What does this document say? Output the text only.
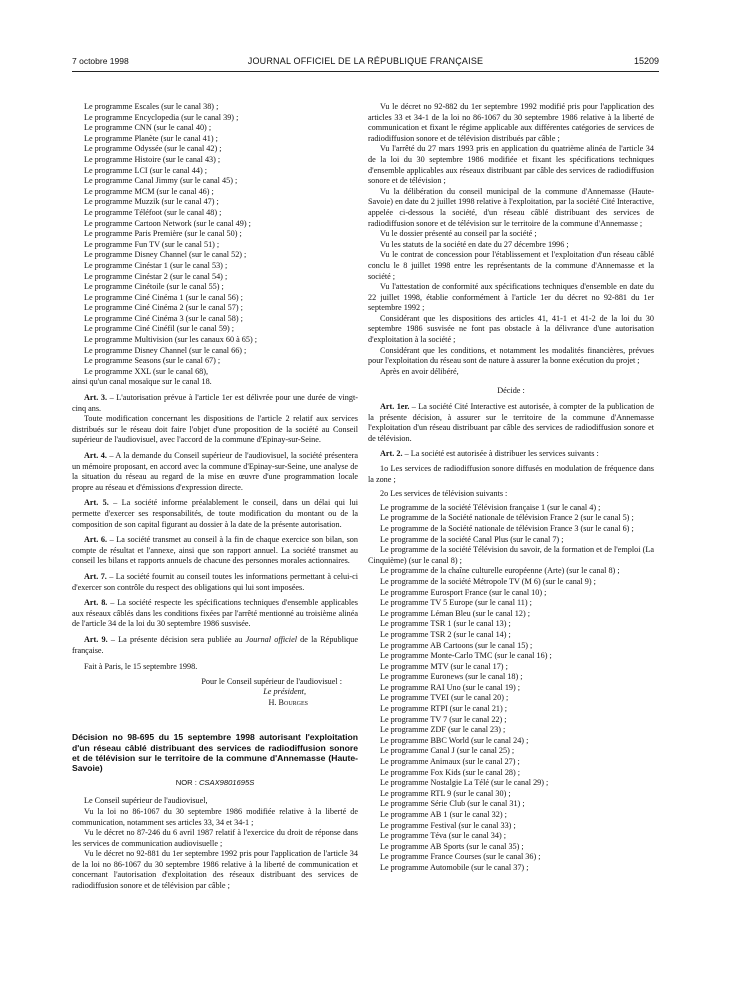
7 octobre 1998	JOURNAL OFFICIEL DE LA RÉPUBLIQUE FRANÇAISE	15209

Le programme Escales (sur le canal 38) ;

Le programme Encyclopedia (sur le canal 39) ;

Le programme CNN (sur le canal 40) ;

Le programme Planète (sur le canal 41) ;

Le programme Odyssée (sur le canal 42) ;

Le programme Histoire (sur le canal 43) ;

Le programme LCI (sur le canal 44) ;

Le programme Canal Jimmy (sur le canal 45) ;

Le programme MCM (sur le canal 46) ;

Le programme Muzzik (sur le canal 47) ;

Le programme Téléfoot (sur le canal 48) ;

Le programme Cartoon Network (sur le canal 49) ;

Le programme Paris Première (sur le canal 50) ;

Le programme Fun TV (sur le canal 51) ;

Le programme Disney Channel (sur le canal 52) ;

Le programme Cinéstar 1 (sur le canal 53) ;

Le programme Cinéstar 2 (sur le canal 54) ;

Le programme Cinétoile (sur le canal 55) ;

Le programme Ciné Cinéma 1 (sur le canal 56) ;

Le programme Ciné Cinéma 2 (sur le canal 57) ;

Le programme Ciné Cinéma 3 (sur le canal 58) ;

Le programme Ciné Cinéfil (sur le canal 59) ;

Le programme Multivision (sur les canaux 60 à 65) ;

Le programme Disney Channel (sur le canal 66) ;

Le programme Seasons (sur le canal 67) ;

Le programme XXL (sur le canal 68),

ainsi qu'un canal mosaïque sur le canal 18.

Art. 3. – L'autorisation prévue à l'article 1er est délivrée pour une durée de vingt-cinq ans.

Toute modification concernant les dispositions de l'article 2 relatif aux services distribués sur le réseau doit faire l'objet d'une proposition de la société au Conseil supérieur de l'audiovisuel, avec l'accord de la commune d'Epinay-sur-Seine.

Art. 4. – A la demande du Conseil supérieur de l'audiovisuel, la société présentera un mémoire proposant, en accord avec la commune d'Epinay-sur-Seine, une analyse de la situation du réseau au regard de la mise en œuvre d'une programmation locale propre au réseau et d'émissions d'expression directe.

Art. 5. – La société informe préalablement le conseil, dans un délai qui lui permette d'exercer ses responsabilités, de toute modification du montant ou de la composition de son capital figurant au dossier à la date de la présente autorisation.

Art. 6. – La société transmet au conseil à la fin de chaque exercice son bilan, son compte de résultat et l'annexe, ainsi que son rapport annuel. La société transmet au conseil les bilans et rapports annuels de chacune des personnes morales actionnaires.

Art. 7. – La société fournit au conseil toutes les informations permettant à celui-ci d'exercer son contrôle du respect des obligations qui lui sont imposées.

Art. 8. – La société respecte les spécifications techniques d'ensemble applicables aux réseaux câblés dans les conditions fixées par l'arrêté mentionné au troisième alinéa de l'article 34 de la loi du 30 septembre 1986 susvisée.

Art. 9. – La présente décision sera publiée au Journal officiel de la République française.

Fait à Paris, le 15 septembre 1998.

Pour le Conseil supérieur de l'audiovisuel :

Le président,

H. Bourges

Décision no 98-695 du 15 septembre 1998 autorisant l'exploitation d'un réseau câblé distribuant des services de radiodiffusion sonore et de télévision sur le territoire de la commune d'Annemasse (Haute-Savoie)

NOR : CSAX9801695S

Le Conseil supérieur de l'audiovisuel,

Vu la loi no 86-1067 du 30 septembre 1986 modifiée relative à la liberté de communication, notamment ses articles 33, 34 et 34-1 ;

Vu le décret no 87-246 du 6 avril 1987 relatif à l'exercice du droit de réponse dans les services de communication audiovisuelle ;

Vu le décret no 92-881 du 1er septembre 1992 pris pour l'application de l'article 34 de la loi no 86-1067 du 30 septembre 1986 relative à la liberté de communication et concernant l'autorisation d'exploitation des réseaux distribuant des services de radiodiffusion sonore et de télévision par câble ;

Vu le décret no 92-882 du 1er septembre 1992 modifié pris pour l'application des articles 33 et 34-1 de la loi no 86-1067 du 30 septembre 1986 relative à la liberté de communication et fixant le régime applicable aux différentes catégories de services de radiodiffusion sonore et de télévision distribués par câble ;

Vu l'arrêté du 27 mars 1993 pris en application du quatrième alinéa de l'article 34 de la loi du 30 septembre 1986 modifiée et fixant les spécifications techniques d'ensemble applicables aux réseaux distribuant par câble des services de radiodiffusion sonore et de télévision ;

Vu la délibération du conseil municipal de la commune d'Annemasse (Haute-Savoie) en date du 2 juillet 1998 relative à l'exploitation, par la société Cité Interactive, appelée ci-dessous la société, d'un réseau câblé distribuant des services de radiodiffusion sonore et de télévision sur le territoire de la commune d'Annemasse ;

Vu le dossier présenté au conseil par la société ;

Vu les statuts de la société en date du 27 décembre 1996 ;

Vu le contrat de concession pour l'établissement et l'exploitation d'un réseau câblé conclu le 8 juillet 1998 entre les représentants de la commune d'Annemasse et la société ;

Vu l'attestation de conformité aux spécifications techniques d'ensemble en date du 22 juillet 1998, établie conformément à l'article 1er du décret no 92-881 du 1er septembre 1992 ;

Considérant que les dispositions des articles 41, 41-1 et 41-2 de la loi du 30 septembre 1986 susvisée ne font pas obstacle à la délivrance d'une autorisation d'exploitation à la société ;

Considérant que les conditions, et notamment les modalités financières, prévues pour l'exploitation du réseau sont de nature à assurer la bonne exécution du projet ;

Après en avoir délibéré,

Décide :

Art. 1er. – La société Cité Interactive est autorisée, à compter de la publication de la présente décision, à assurer sur le territoire de la commune d'Annemasse l'exploitation d'un réseau distribuant par câble des services de radiodiffusion sonore et de télévision.

Art. 2. – La société est autorisée à distribuer les services suivants :

1o Les services de radiodiffusion sonore diffusés en modulation de fréquence dans la zone ;

2o Les services de télévision suivants :

Le programme de la société Télévision française 1 (sur le canal 4) ;

Le programme de la Société nationale de télévision France 2 (sur le canal 5) ;

Le programme de la Société nationale de télévision France 3 (sur le canal 6) ;

Le programme de la société Canal Plus (sur le canal 7) ;

Le programme de la société Télévision du savoir, de la formation et de l'emploi (La Cinquième) (sur le canal 8) ;

Le programme de la chaîne culturelle européenne (Arte) (sur le canal 8) ;

Le programme de la société Métropole TV (M 6) (sur le canal 9) ;

Le programme Eurosport France (sur le canal 10) ;

Le programme TV 5 Europe (sur le canal 11) ;

Le programme Léman Bleu (sur le canal 12) ;

Le programme TSR 1 (sur le canal 13) ;

Le programme TSR 2 (sur le canal 14) ;

Le programme AB Cartoons (sur le canal 15) ;

Le programme Monte-Carlo TMC (sur le canal 16) ;

Le programme MTV (sur le canal 17) ;

Le programme Euronews (sur le canal 18) ;

Le programme RAI Uno (sur le canal 19) ;

Le programme TVEI (sur le canal 20) ;

Le programme RTPI (sur le canal 21) ;

Le programme TV 7 (sur le canal 22) ;

Le programme ZDF (sur le canal 23) ;

Le programme BBC World (sur le canal 24) ;

Le programme Canal J (sur le canal 25) ;

Le programme Animaux (sur le canal 27) ;

Le programme Fox Kids (sur le canal 28) ;

Le programme Nostalgie La Télé (sur le canal 29) ;

Le programme RTL 9 (sur le canal 30) ;

Le programme Série Club (sur le canal 31) ;

Le programme AB 1 (sur le canal 32) ;

Le programme Festival (sur le canal 33) ;

Le programme Téva (sur le canal 34) ;

Le programme AB Sports (sur le canal 35) ;

Le programme France Courses (sur le canal 36) ;

Le programme Automobile (sur le canal 37) ;
